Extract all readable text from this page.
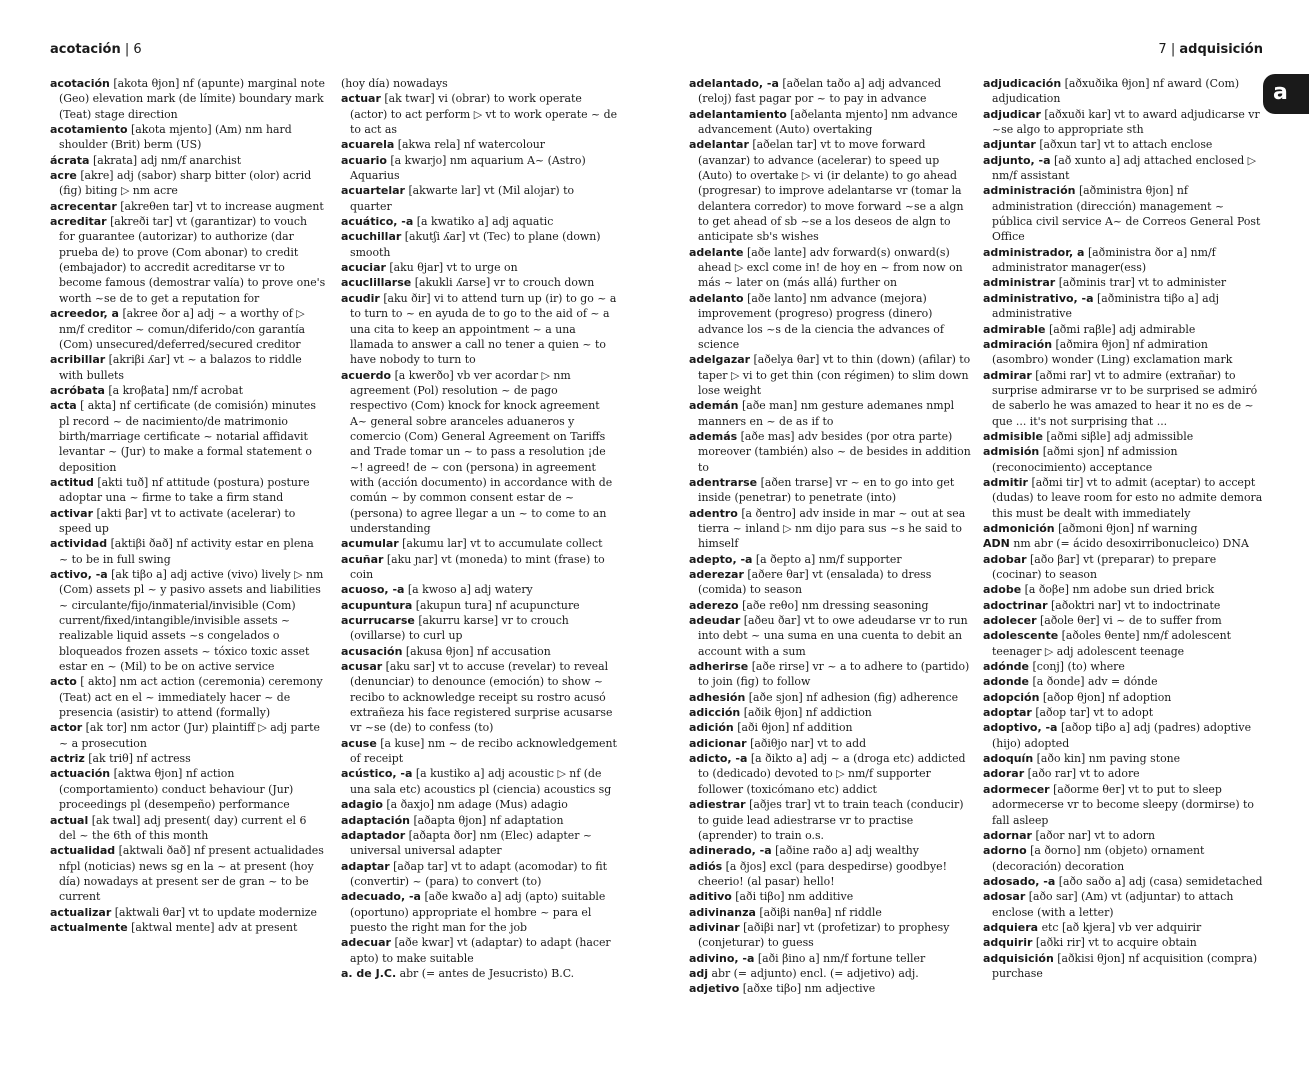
acotación | 6	7 | adquisición
a

acotación [akota θjon] nf (apunte) marginal note (Geo) elevation mark (de límite) boundary mark (Teat) stage direction

acotamiento [akota mjento] (Am) nm hard shoulder (Brit) berm (US)

ácrata [akrata] adj nm/f anarchist

acre [akre] adj (sabor) sharp bitter (olor) acrid (fig) biting ▷ nm acre

acrecentar [akreθen tar] vt to increase augment

acreditar [akreði tar] vt (garantizar) to vouch for guarantee (autorizar) to authorize (dar prueba de) to prove (Com abonar) to credit (embajador) to accredit acreditarse vr to become famous (demostrar valía) to prove one's worth ~se de to get a reputation for

acreedor, a [akree ðor a] adj ~ a worthy of ▷ nm/f creditor ~ comun/diferido/con garantía (Com) unsecured/deferred/secured creditor

acribillar [akriβi ʎar] vt ~ a balazos to riddle with bullets

acróbata [a kroβata] nm/f acrobat

acta [ akta] nf certificate (de comisión) minutes pl record ~ de nacimiento/de matrimonio birth/marriage certificate ~ notarial affidavit levantar ~ (Jur) to make a formal statement o deposition

actitud [akti tuð] nf attitude (postura) posture adoptar una ~ firme to take a firm stand

activar [akti βar] vt to activate (acelerar) to speed up

actividad [aktiβi ðað] nf activity estar en plena ~ to be in full swing

activo, -a [ak tiβo a] adj active (vivo) lively ▷ nm (Com) assets pl ~ y pasivo assets and liabilities ~ circulante/fijo/inmaterial/invisible (Com) current/fixed/intangible/invisible assets ~ realizable liquid assets ~s congelados o bloqueados frozen assets ~ tóxico toxic asset estar en ~ (Mil) to be on active service

acto [ akto] nm act action (ceremonia) ceremony (Teat) act en el ~ immediately hacer ~ de presencia (asistir) to attend (formally)

actor [ak tor] nm actor (Jur) plaintiff ▷ adj parte ~ a prosecution

actriz [ak triθ] nf actress

actuación [aktwa θjon] nf action (comportamiento) conduct behaviour (Jur) proceedings pl (desempeño) performance

actual [ak twal] adj present( day) current el 6 del ~ the 6th of this month

actualidad [aktwali ðað] nf present actualidades nfpl (noticias) news sg en la ~ at present (hoy día) nowadays at present ser de gran ~ to be current

actualizar [aktwali θar] vt to update modernize

actualmente [aktwal mente] adv at present

(hoy día) nowadays

actuar [ak twar] vi (obrar) to work operate (actor) to act perform ▷ vt to work operate ~ de to act as

acuarela [akwa rela] nf watercolour

acuario [a kwarjo] nm aquarium A~ (Astro) Aquarius

acuartelar [akwarte lar] vt (Mil alojar) to quarter

acuático, -a [a kwatiko a] adj aquatic

acuchillar [akutʃi ʎar] vt (Tec) to plane (down) smooth

acuciar [aku θjar] vt to urge on

acuclillarse [akukli ʎarse] vr to crouch down

acudir [aku ðir] vi to attend turn up (ir) to go ~ a to turn to ~ en ayuda de to go to the aid of ~ a una cita to keep an appointment ~ a una llamada to answer a call no tener a quien ~ to have nobody to turn to

acuerdo [a kwerðo] vb ver acordar ▷ nm agreement (Pol) resolution ~ de pago respectivo (Com) knock for knock agreement A~ general sobre aranceles aduaneros y comercio (Com) General Agreement on Tariffs and Trade tomar un ~ to pass a resolution ¡de ~! agreed! de ~ con (persona) in agreement with (acción documento) in accordance with de común ~ by common consent estar de ~ (persona) to agree llegar a un ~ to come to an understanding

acumular [akumu lar] vt to accumulate collect

acuñar [aku ɲar] vt (moneda) to mint (frase) to coin

acuoso, -a [a kwoso a] adj watery

acupuntura [akupun tura] nf acupuncture

acurrucarse [akurru karse] vr to crouch (ovillarse) to curl up

acusación [akusa θjon] nf accusation

acusar [aku sar] vt to accuse (revelar) to reveal (denunciar) to denounce (emoción) to show ~ recibo to acknowledge receipt su rostro acusó extrañeza his face registered surprise acusarse vr ~se (de) to confess (to)

acuse [a kuse] nm ~ de recibo acknowledgement of receipt

acústico, -a [a kustiko a] adj acoustic ▷ nf (de una sala etc) acoustics pl (ciencia) acoustics sg

adagio [a ðaxjo] nm adage (Mus) adagio

adaptación [aðapta θjon] nf adaptation

adaptador [aðapta ðor] nm (Elec) adapter ~ universal universal adapter

adaptar [aðap tar] vt to adapt (acomodar) to fit (convertir) ~ (para) to convert (to)

adecuado, -a [aðe kwaðo a] adj (apto) suitable (oportuno) appropriate el hombre ~ para el puesto the right man for the job

adecuar [aðe kwar] vt (adaptar) to adapt (hacer apto) to make suitable

a. de J.C. abr (= antes de Jesucristo) B.C.

adelantado, -a [aðelan taðo a] adj advanced (reloj) fast pagar por ~ to pay in advance

adelantamiento [aðelanta mjento] nm advance advancement (Auto) overtaking

adelantar [aðelan tar] vt to move forward (avanzar) to advance (acelerar) to speed up (Auto) to overtake ▷ vi (ir delante) to go ahead (progresar) to improve adelantarse vr (tomar la delantera corredor) to move forward ~se a algn to get ahead of sb ~se a los deseos de algn to anticipate sb's wishes

adelante [aðe lante] adv forward(s) onward(s) ahead ▷ excl come in! de hoy en ~ from now on más ~ later on (más allá) further on

adelanto [aðe lanto] nm advance (mejora) improvement (progreso) progress (dinero) advance los ~s de la ciencia the advances of science

adelgazar [aðelya θar] vt to thin (down) (afilar) to taper ▷ vi to get thin (con régimen) to slim down lose weight

ademán [aðe man] nm gesture ademanes nmpl manners en ~ de as if to

además [aðe mas] adv besides (por otra parte) moreover (también) also ~ de besides in addition to

adentrarse [aðen trarse] vr ~ en to go into get inside (penetrar) to penetrate (into)

adentro [a ðentro] adv inside in mar ~ out at sea tierra ~ inland ▷ nm dijo para sus ~s he said to himself

adepto, -a [a ðepto a] nm/f supporter

aderezar [aðere θar] vt (ensalada) to dress (comida) to season

aderezo [aðe reθo] nm dressing seasoning

adeudar [aðeu ðar] vt to owe adeudarse vr to run into debt ~ una suma en una cuenta to debit an account with a sum

adherirse [aðe rirse] vr ~ a to adhere to (partido) to join (fig) to follow

adhesión [aðe sjon] nf adhesion (fig) adherence

adicción [aðik θjon] nf addiction

adición [aði θjon] nf addition

adicionar [aðiθjo nar] vt to add

adicto, -a [a ðikto a] adj ~ a (droga etc) addicted to (dedicado) devoted to ▷ nm/f supporter follower (toxicómano etc) addict

adiestrar [aðjes trar] vt to train teach (conducir) to guide lead adiestrarse vr to practise (aprender) to train o.s.

adinerado, -a [aðine raðo a] adj wealthy

adiós [a ðjos] excl (para despedirse) goodbye! cheerio! (al pasar) hello!

aditivo [aði tiβo] nm additive

adivinanza [aðiβi nanθa] nf riddle

adivinar [aðiβi nar] vt (profetizar) to prophesy (conjeturar) to guess

adivino, -a [aði βino a] nm/f fortune teller

adj abr (= adjunto) encl. (= adjetivo) adj.

adjetivo [aðxe tiβo] nm adjective

adjudicación [aðxuðika θjon] nf award (Com) adjudication

adjudicar [aðxuði kar] vt to award adjudicarse vr ~se algo to appropriate sth

adjuntar [aðxun tar] vt to attach enclose

adjunto, -a [að xunto a] adj attached enclosed ▷ nm/f assistant

administración [aðministra θjon] nf administration (dirección) management ~ pública civil service A~ de Correos General Post Office

administrador, a [aðministra ðor a] nm/f administrator manager(ess)

administrar [aðminis trar] vt to administer

administrativo, -a [aðministra tiβo a] adj administrative

admirable [aðmi raβle] adj admirable

admiración [aðmira θjon] nf admiration (asombro) wonder (Ling) exclamation mark

admirar [aðmi rar] vt to admire (extrañar) to surprise admirarse vr to be surprised se admiró de saberlo he was amazed to hear it no es de ~ que ... it's not surprising that ...

admisible [aðmi siβle] adj admissible

admisión [aðmi sjon] nf admission (reconocimiento) acceptance

admitir [aðmi tir] vt to admit (aceptar) to accept (dudas) to leave room for esto no admite demora this must be dealt with immediately

admonición [aðmoni θjon] nf warning

ADN nm abr (= ácido desoxirribonucleico) DNA

adobar [aðo βar] vt (preparar) to prepare (cocinar) to season

adobe [a ðoβe] nm adobe sun dried brick

adoctrinar [aðoktri nar] vt to indoctrinate

adolecer [aðole θer] vi ~ de to suffer from

adolescente [aðoles θente] nm/f adolescent teenager ▷ adj adolescent teenage

adónde [conj] (to) where

adonde [a ðonde] adv = dónde

adopción [aðop θjon] nf adoption

adoptar [aðop tar] vt to adopt

adoptivo, -a [aðop tiβo a] adj (padres) adoptive (hijo) adopted

adoquín [aðo kin] nm paving stone

adorar [aðo rar] vt to adore

adormecer [aðorme θer] vt to put to sleep adormecerse vr to become sleepy (dormirse) to fall asleep

adornar [aðor nar] vt to adorn

adorno [a ðorno] nm (objeto) ornament (decoración) decoration

adosado, -a [aðo saðo a] adj (casa) semidetached

adosar [aðo sar] (Am) vt (adjuntar) to attach enclose (with a letter)

adquiera etc [að kjera] vb ver adquirir

adquirir [aðki rir] vt to acquire obtain

adquisición [aðkisi θjon] nf acquisition (compra) purchase
